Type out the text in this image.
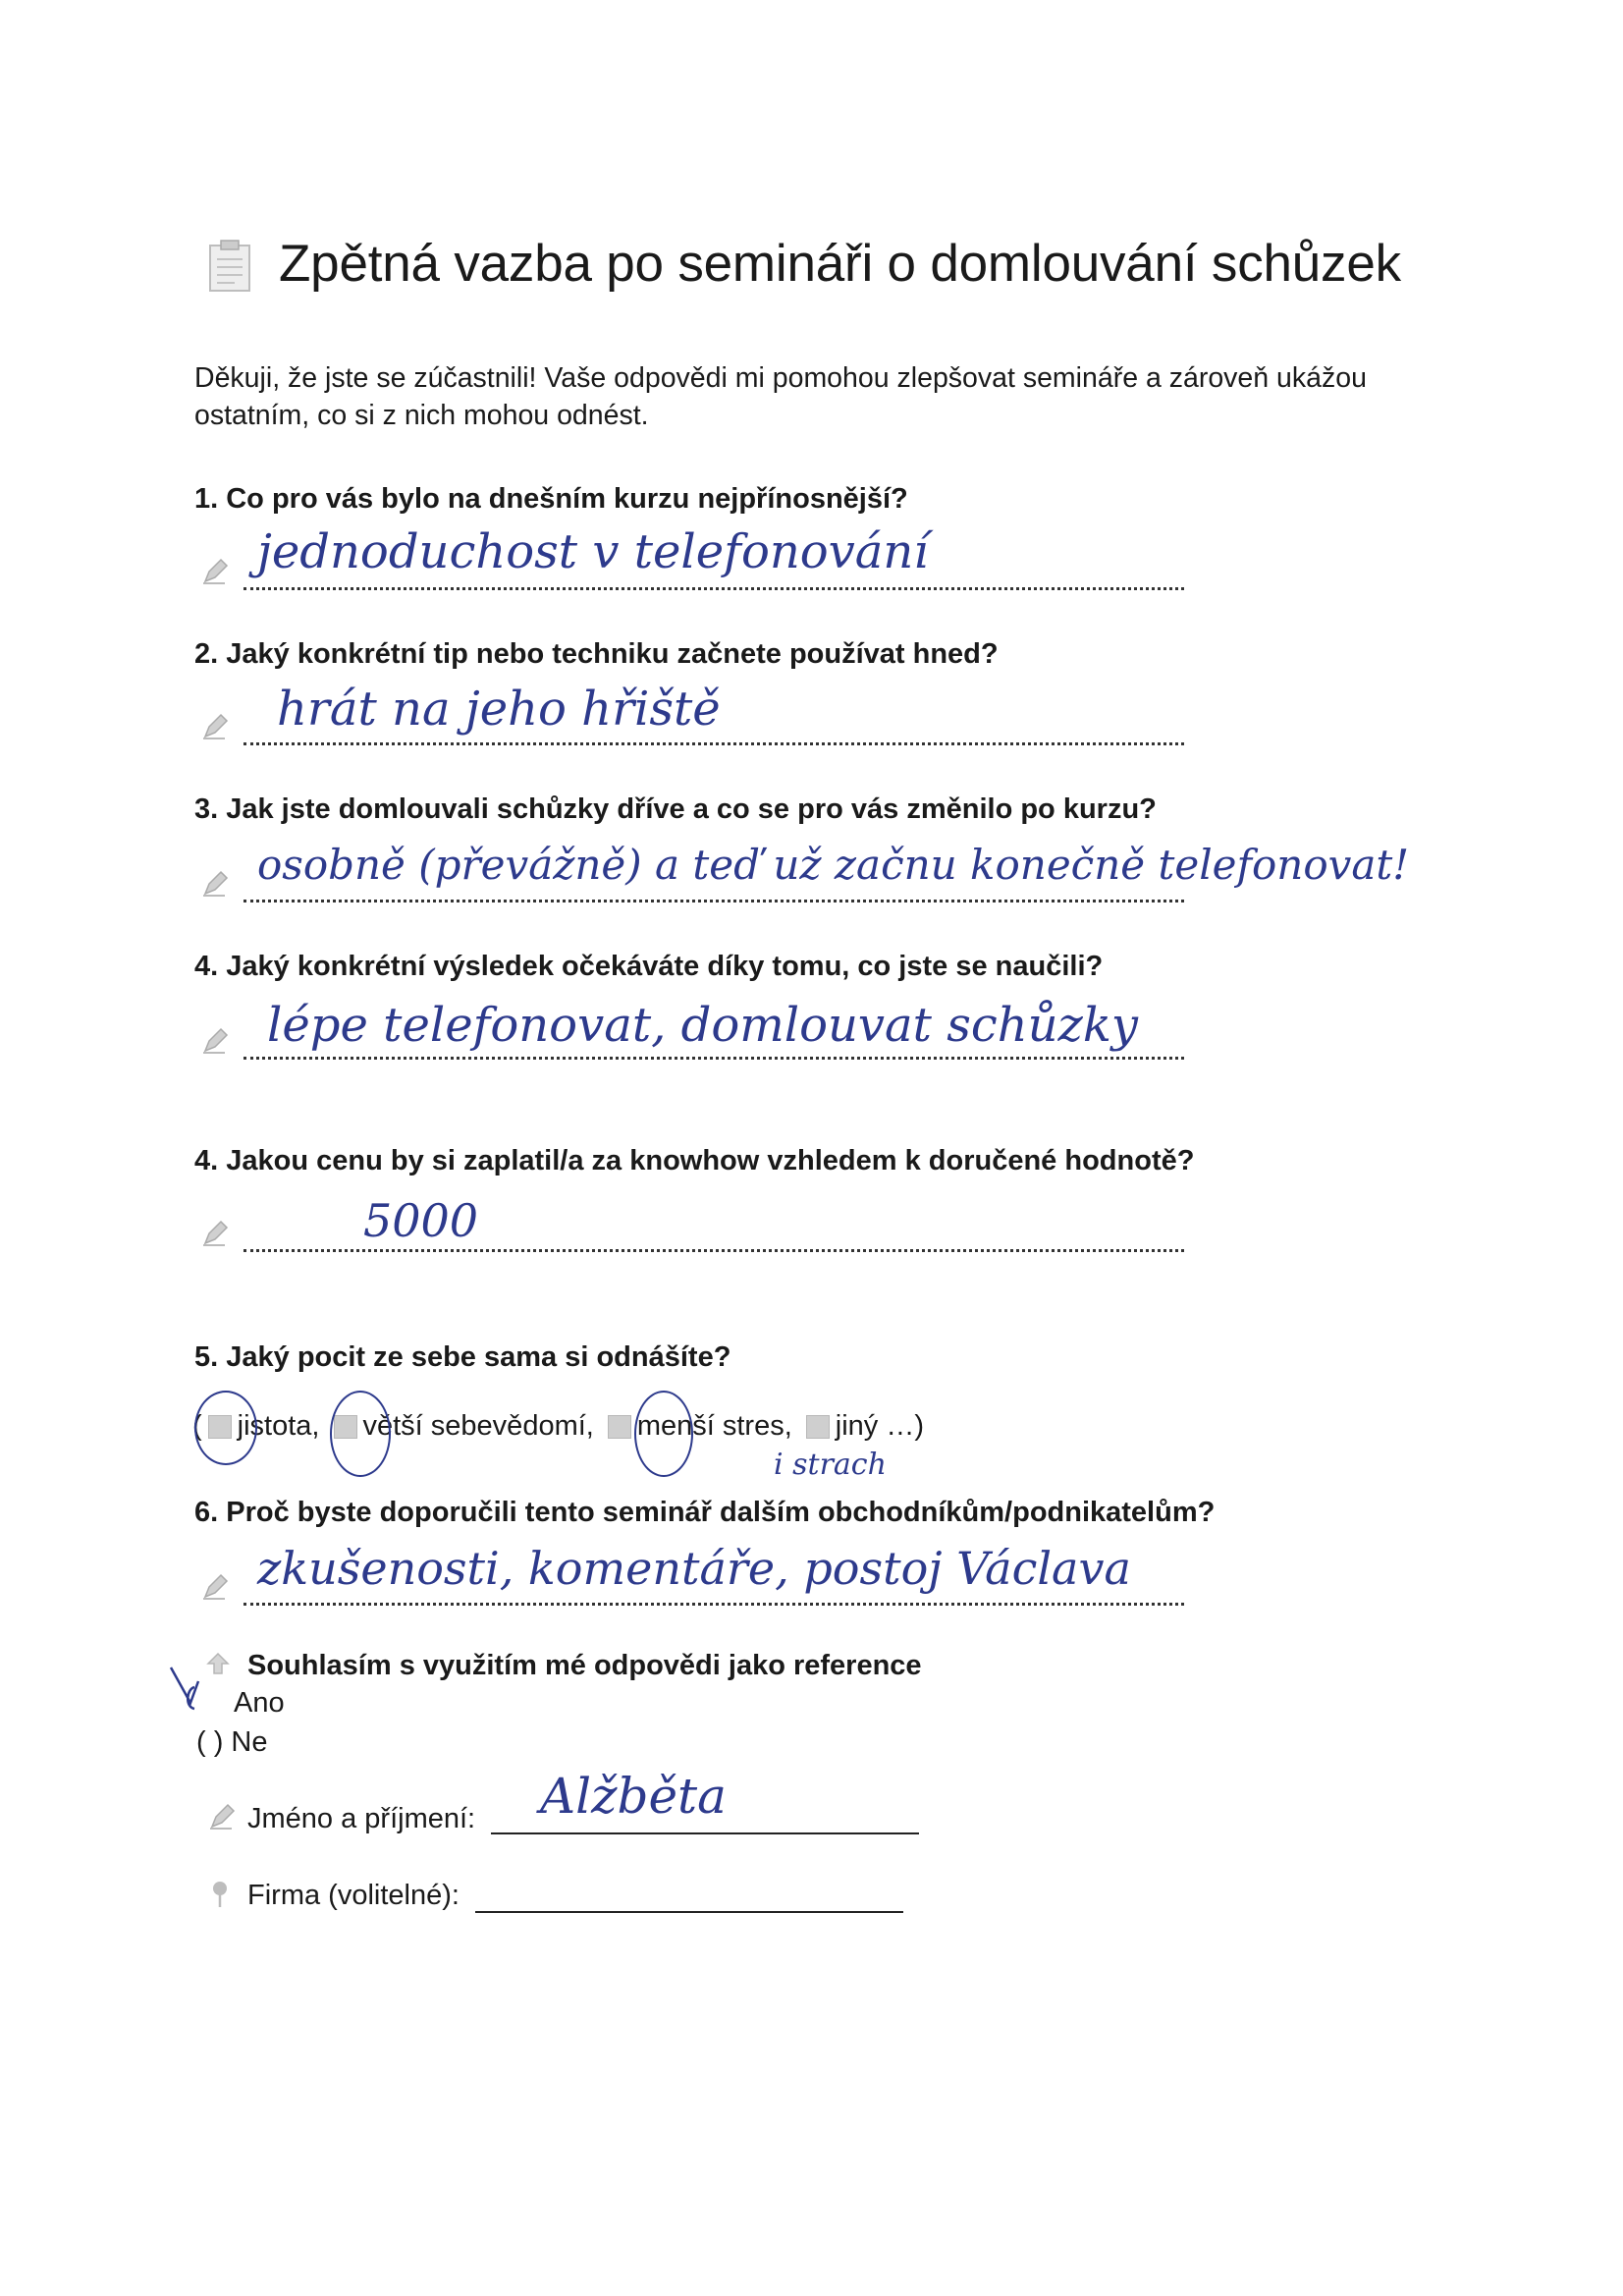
Zpětná vazba po semináři o domlouvání schůzek
Děkuji, že jste se zúčastnili! Vaše odpovědi mi pomohou zlepšovat semináře a zároveň ukážou ostatním, co si z nich mohou odnést.
1. Co pro vás bylo na dnešním kurzu nejpřínosnější?
jednoduchost v telefonování
2. Jaký konkrétní tip nebo techniku začnete používat hned?
hrát na jeho hřiště
3. Jak jste domlouvali schůzky dříve a co se pro vás změnilo po kurzu?
osobně (převážně) a teď už začnu konečně telefonovat!
4. Jaký konkrétní výsledek očekáváte díky tomu, co jste se naučili?
lépe telefonovat, domlouvat schůzky
4. Jakou cenu by si zaplatil/a za knowhow vzhledem k doručené hodnotě?
5000
5. Jaký pocit ze sebe sama si odnášíte?
( jistota, větší sebevědomí, menší stres, jiný …)
i strach
6. Proč byste doporučili tento seminář dalším obchodníkům/podnikatelům?
zkušenosti, komentáře, postoj Václava
Souhlasím s využitím mé odpovědi jako reference
Ano
( ) Ne
Jméno a příjmení: Alžběta
Firma (volitelné):
